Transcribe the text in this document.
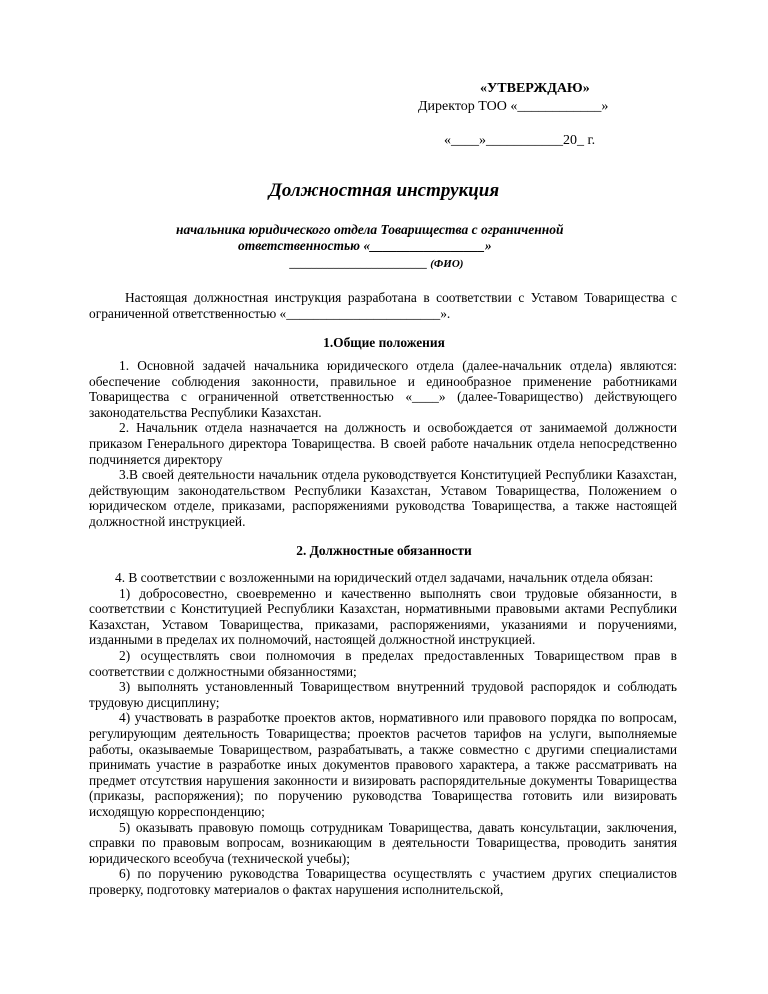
«УТВЕРЖДАЮ»
Директор ТОО «____________»
«____»___________20_ г.
Должностная инструкция
начальника юридического отдела Товарищества с ограниченной
ответственностью «_________________»
_________________________ (ФИО)

Настоящая должностная инструкция разработана в соответствии с Уставом Товарищества с ограниченной ответственностью «_______________________».

1.Общие положения

1. Основной задачей начальника юридического отдела (далее-начальник отдела) являются: обеспечение соблюдения законности, правильное и единообразное применение работниками Товарищества с ограниченной ответственностью «____» (далее-Товарищество) действующего законодательства Республики Казахстан.

2. Начальник отдела назначается на должность и освобождается от занимаемой должности приказом Генерального директора Товарищества. В своей работе начальник отдела непосредственно подчиняется директору

3.В своей деятельности начальник отдела руководствуется Конституцией Республики Казахстан, действующим законодательством Республики Казахстан, Уставом Товарищества, Положением о юридическом отделе, приказами, распоряжениями руководства Товарищества, а также настоящей должностной инструкцией.

2. Должностные обязанности

4. В соответствии с возложенными на юридический отдел задачами, начальник отдела обязан:

1) добросовестно, своевременно и качественно выполнять свои трудовые обязанности, в соответствии с Конституцией Республики Казахстан, нормативными правовыми актами Республики Казахстан, Уставом Товарищества, приказами, распоряжениями, указаниями и поручениями, изданными в пределах их полномочий, настоящей должностной инструкцией.

2) осуществлять свои полномочия в пределах предоставленных Товариществом прав в соответствии с должностными обязанностями;

3) выполнять установленный Товариществом внутренний трудовой распорядок и соблюдать трудовую дисциплину;

4) участвовать в разработке проектов актов, нормативного или правового порядка по вопросам, регулирующим деятельность Товарищества; проектов расчетов тарифов на услуги, выполняемые работы, оказываемые Товариществом, разрабатывать, а также совместно с другими специалистами принимать участие в разработке иных документов правового характера, а также рассматривать на предмет отсутствия нарушения законности и визировать распорядительные документы Товарищества (приказы, распоряжения); по поручению руководства Товарищества готовить или визировать исходящую корреспонденцию;

5) оказывать правовую помощь сотрудникам Товарищества, давать консультации, заключения, справки по правовым вопросам, возникающим в деятельности Товарищества, проводить занятия юридического всеобуча (технической учебы);

6) по поручению руководства Товарищества осуществлять с участием других специалистов проверку, подготовку материалов о фактах нарушения исполнительской,
